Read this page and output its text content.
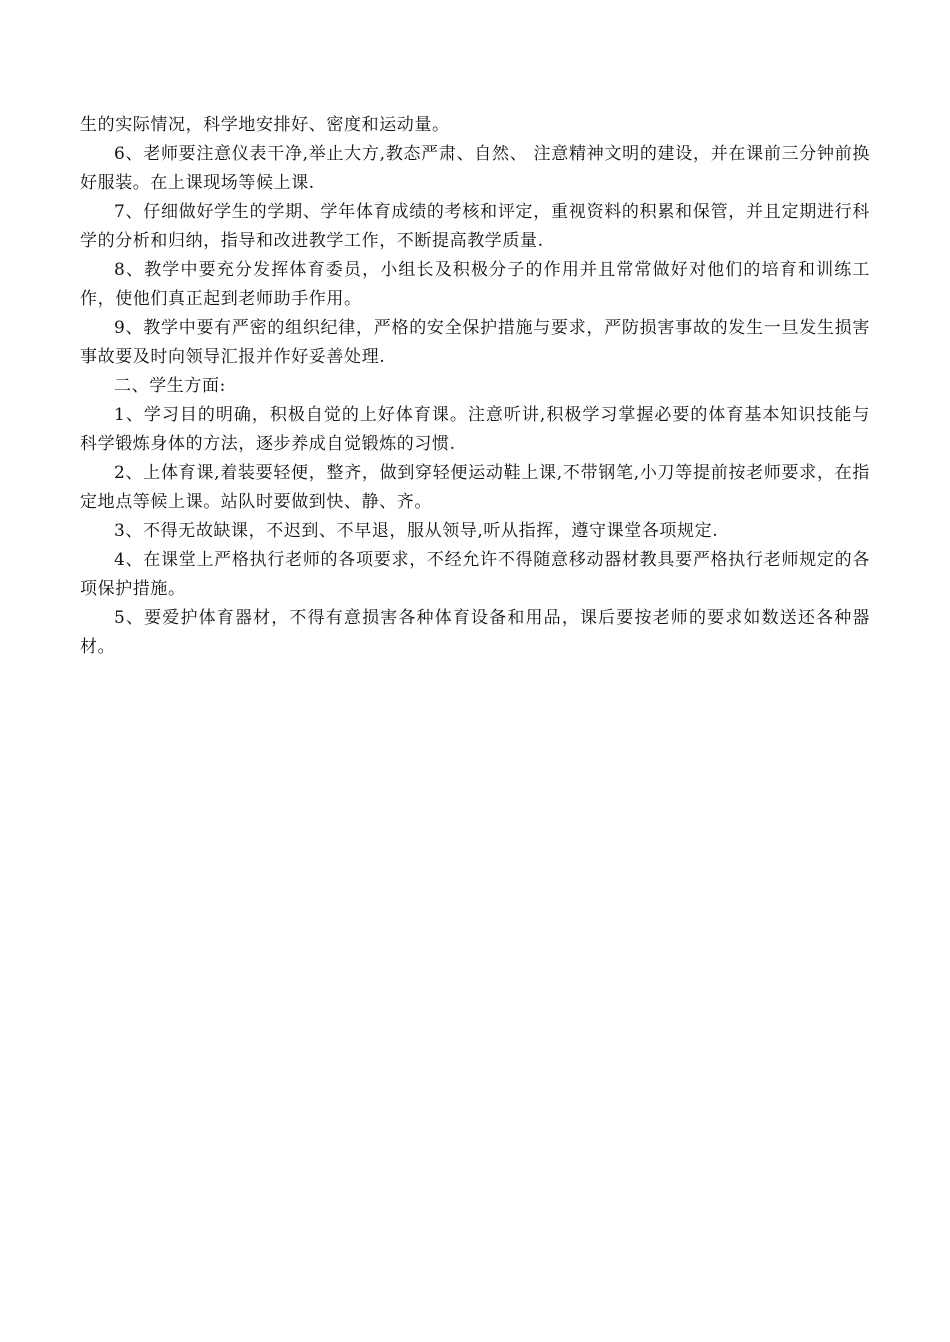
生的实际情况，科学地安排好、密度和运动量。

6、老师要注意仪表干净,举止大方,教态严肃、自然、 注意精神文明的建设，并在课前三分钟前换好服装。在上课现场等候上课.

7、仔细做好学生的学期、学年体育成绩的考核和评定，重视资料的积累和保管，并且定期进行科学的分析和归纳，指导和改进教学工作，不断提高教学质量.

8、教学中要充分发挥体育委员，小组长及积极分子的作用并且常常做好对他们的培育和训练工作，使他们真正起到老师助手作用。

9、教学中要有严密的组织纪律，严格的安全保护措施与要求，严防损害事故的发生一旦发生损害事故要及时向领导汇报并作好妥善处理.

二、学生方面:

1、学习目的明确，积极自觉的上好体育课。注意听讲,积极学习掌握必要的体育基本知识技能与科学锻炼身体的方法，逐步养成自觉锻炼的习惯.

2、上体育课,着装要轻便，整齐，做到穿轻便运动鞋上课,不带钢笔,小刀等提前按老师要求，在指定地点等候上课。站队时要做到快、静、齐。

3、不得无故缺课，不迟到、不早退，服从领导,听从指挥，遵守课堂各项规定.

4、在课堂上严格执行老师的各项要求，不经允许不得随意移动器材教具要严格执行老师规定的各项保护措施。

5、要爱护体育器材，不得有意损害各种体育设备和用品，课后要按老师的要求如数送还各种器材。
